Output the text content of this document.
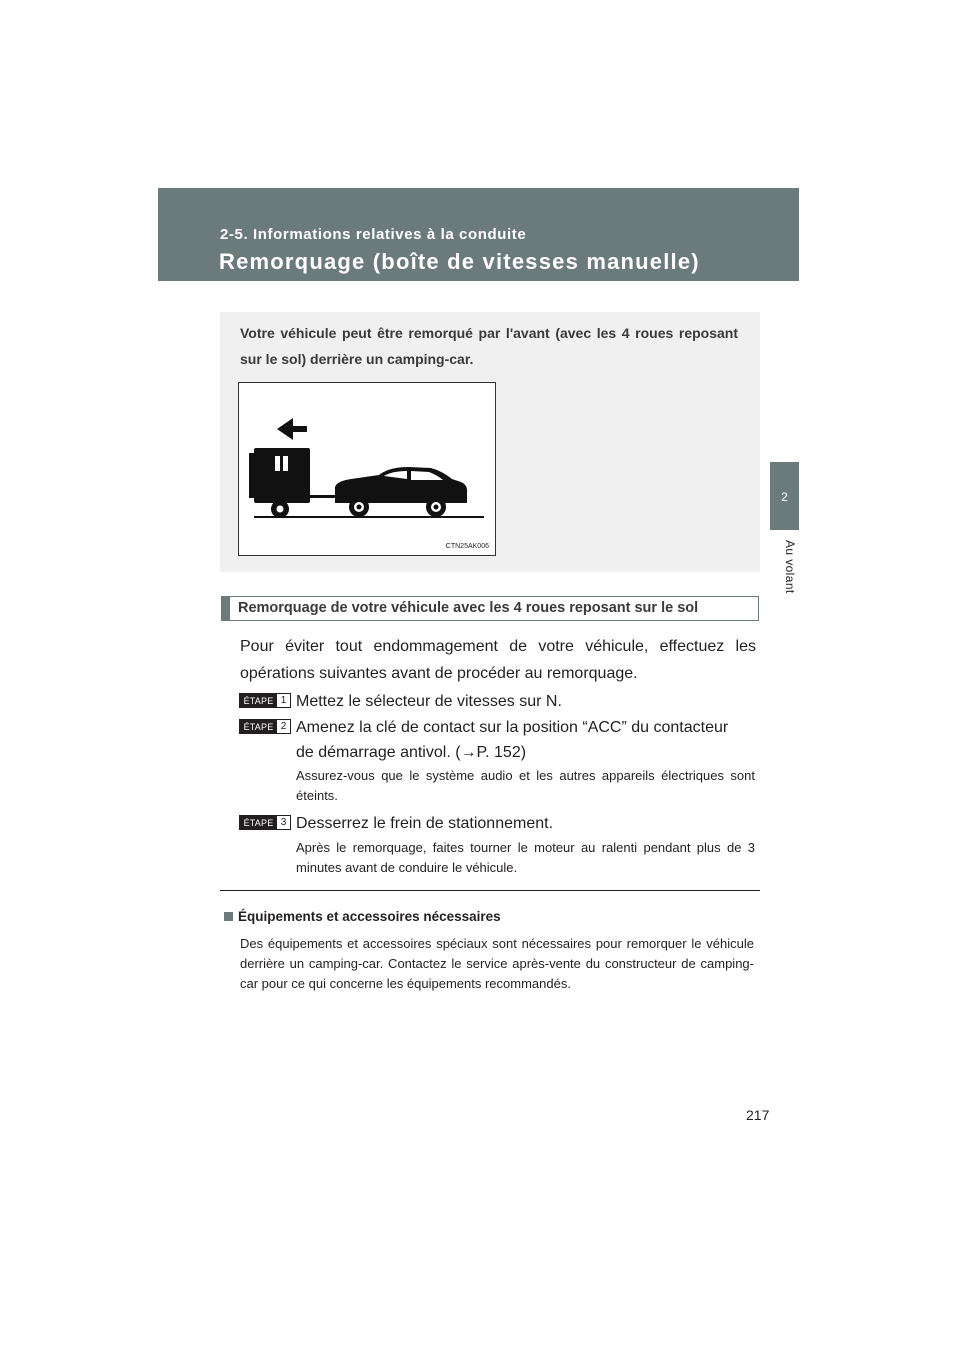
2-5. Informations relatives à la conduite
Remorquage (boîte de vitesses manuelle)
2
Au volant
Votre véhicule peut être remorqué par l'avant (avec les 4 roues reposant sur le sol) derrière un camping-car.
CTN25AK006
Remorquage de votre véhicule avec les 4 roues reposant sur le sol
Pour éviter tout endommagement de votre véhicule, effectuez les opérations suivantes avant de procéder au remorquage.
ÉTAPE 1 Mettez le sélecteur de vitesses sur N.
ÉTAPE 2 Amenez la clé de contact sur la position “ACC” du contacteur
de démarrage antivol. (→P. 152)
Assurez-vous que le système audio et les autres appareils électriques sont éteints.
ÉTAPE 3 Desserrez le frein de stationnement.
Après le remorquage, faites tourner le moteur au ralenti pendant plus de 3 minutes avant de conduire le véhicule.
Équipements et accessoires nécessaires
Des équipements et accessoires spéciaux sont nécessaires pour remorquer le véhicule derrière un camping-car. Contactez le service après-vente du constructeur de camping-car pour ce qui concerne les équipements recommandés.
217
